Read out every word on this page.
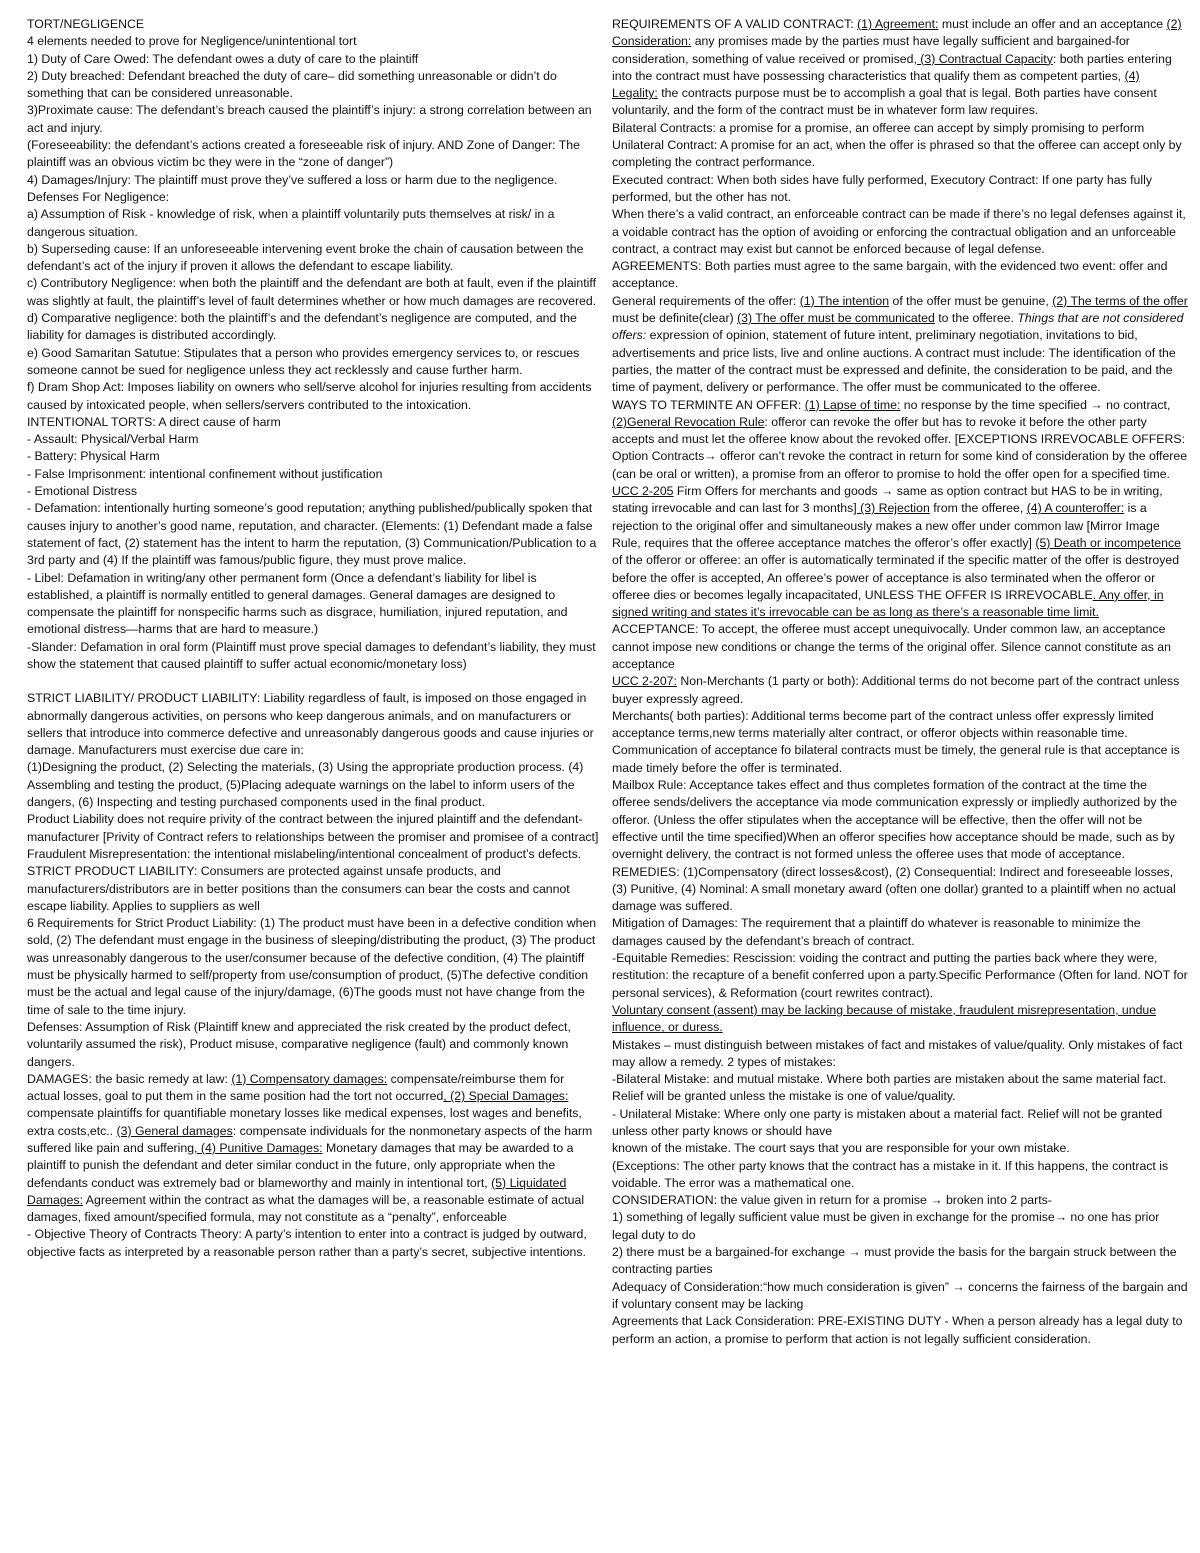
TORT/NEGLIGENCE

4 elements needed to prove for Negligence/unintentional tort

1) Duty of Care Owed: The defendant owes a duty of care to the plaintiff

2) Duty breached: Defendant breached the duty of care– did something unreasonable or didn’t do something that can be considered unreasonable.

3)Proximate cause: The defendant’s breach caused the plaintiff’s injury: a strong correlation between an act and injury.

(Foreseeability: the defendant’s actions created a foreseeable risk of injury. AND Zone of Danger: The plaintiff was an obvious victim bc they were in the “zone of danger”)

4) Damages/Injury: The plaintiff must prove they’ve suffered a loss or harm due to the negligence.

Defenses For Negligence:

a) Assumption of Risk - knowledge of risk, when a plaintiff voluntarily puts themselves at risk/ in a dangerous situation.

b) Superseding cause: If an unforeseeable intervening event broke the chain of causation between the defendant’s act of the injury if proven it allows the defendant to escape liability.

c) Contributory Negligence: when both the plaintiff and the defendant are both at fault, even if the plaintiff was slightly at fault, the plaintiff’s level of fault determines whether or how much damages are recovered.

d) Comparative negligence: both the plaintiff’s and the defendant’s negligence are computed, and the liability for damages is distributed accordingly.

e) Good Samaritan Satutue: Stipulates that a person who provides emergency services to, or rescues someone cannot be sued for negligence unless they act recklessly and cause further harm.

f) Dram Shop Act: Imposes liability on owners who sell/serve alcohol for injuries resulting from accidents caused by intoxicated people, when sellers/servers contributed to the intoxication.

INTENTIONAL TORTS: A direct cause of harm

- Assault: Physical/Verbal Harm

- Battery: Physical Harm

- False Imprisonment: intentional confinement without justification

- Emotional Distress

- Defamation: intentionally hurting someone’s good reputation; anything published/publically spoken that causes injury to another’s good name, reputation, and character. (Elements: (1) Defendant made a false statement of fact, (2) statement has the intent to harm the reputation, (3) Communication/Publication to a 3rd party and (4) If the plaintiff was famous/public figure, they must prove malice.

- Libel: Defamation in writing/any other permanent form (Once a defendant’s liability for libel is established, a plaintiff is normally entitled to general damages. General damages are designed to compensate the plaintiff for nonspecific harms such as disgrace, humiliation, injured reputation, and emotional distress—harms that are hard to measure.)

-Slander: Defamation in oral form (Plaintiff must prove special damages to defendant’s liability, they must show the statement that caused plaintiff to suffer actual economic/monetary loss)

STRICT LIABILITY/ PRODUCT LIABILITY: Liability regardless of fault, is imposed on those engaged in abnormally dangerous activities, on persons who keep dangerous animals, and on manufacturers or sellers that introduce into commerce defective and unreasonably dangerous goods and cause injuries or damage. Manufacturers must exercise due care in:

(1)Designing the product, (2) Selecting the materials, (3) Using the appropriate production process. (4) Assembling and testing the product, (5)Placing adequate warnings on the label to inform users of the dangers, (6) Inspecting and testing purchased components used in the final product.

Product Liability does not require privity of the contract between the injured plaintiff and the defendant-manufacturer [Privity of Contract refers to relationships between the promiser and promisee of a contract]

Fraudulent Misrepresentation: the intentional mislabeling/intentional concealment of product’s defects.

STRICT PRODUCT LIABILITY: Consumers are protected against unsafe products, and manufacturers/distributors are in better positions than the consumers can bear the costs and cannot escape liability. Applies to suppliers as well

6 Requirements for Strict Product Liability: (1) The product must have been in a defective condition when sold, (2) The defendant must engage in the business of sleeping/distributing the product, (3) The product was unreasonably dangerous to the user/consumer because of the defective condition, (4) The plaintiff must be physically harmed to self/property from use/consumption of product, (5)The defective condition must be the actual and legal cause of the injury/damage, (6)The goods must not have change from the time of sale to the time injury.

Defenses: Assumption of Risk (Plaintiff knew and appreciated the risk created by the product defect, voluntarily assumed the risk), Product misuse, comparative negligence (fault) and commonly known dangers.

DAMAGES: the basic remedy at law: (1) Compensatory damages: compensate/reimburse them for actual losses, goal to put them in the same position had the tort not occurred, (2) Special Damages: compensate plaintiffs for quantifiable monetary losses like medical expenses, lost wages and benefits, extra costs,etc.. (3) General damages: compensate individuals for the nonmonetary aspects of the harm suffered like pain and suffering, (4) Punitive Damages: Monetary damages that may be awarded to a plaintiff to punish the defendant and deter similar conduct in the future, only appropriate when the defendants conduct was extremely bad or blameworthy and mainly in intentional tort, (5) Liquidated Damages: Agreement within the contract as what the damages will be, a reasonable estimate of actual damages, fixed amount/specified formula, may not constitute as a “penalty”, enforceable

- Objective Theory of Contracts Theory: A party’s intention to enter into a contract is judged by outward, objective facts as interpreted by a reasonable person rather than a party’s secret, subjective intentions.

REQUIREMENTS OF A VALID CONTRACT: (1) Agreement: must include an offer and an acceptance (2) Consideration: any promises made by the parties must have legally sufficient and bargained-for consideration, something of value received or promised, (3) Contractual Capacity: both parties entering into the contract must have possessing characteristics that qualify them as competent parties, (4) Legality: the contracts purpose must be to accomplish a goal that is legal. Both parties have consent voluntarily, and the form of the contract must be in whatever form law requires.

Bilateral Contracts: a promise for a promise, an offeree can accept by simply promising to perform

Unilateral Contract: A promise for an act, when the offer is phrased so that the offeree can accept only by completing the contract performance.

Executed contract: When both sides have fully performed, Executory Contract: If one party has fully performed, but the other has not.

When there’s a valid contract, an enforceable contract can be made if there’s no legal defenses against it, a voidable contract has the option of avoiding or enforcing the contractual obligation and an unforceable contract, a contract may exist but cannot be enforced because of legal defense.

AGREEMENTS: Both parties must agree to the same bargain, with the evidenced two event: offer and acceptance.

General requirements of the offer: (1) The intention of the offer must be genuine, (2) The terms of the offer must be definite(clear) (3) The offer must be communicated to the offeree. Things that are not considered offers: expression of opinion, statement of future intent, preliminary negotiation, invitations to bid, advertisements and price lists, live and online auctions. A contract must include: The identification of the parties, the matter of the contract must be expressed and definite, the consideration to be paid, and the time of payment, delivery or performance. The offer must be communicated to the offeree.

WAYS TO TERMINTE AN OFFER: (1) Lapse of time: no response by the time specified → no contract, (2)General Revocation Rule: offeror can revoke the offer but has to revoke it before the other party accepts and must let the offeree know about the revoked offer. [EXCEPTIONS IRREVOCABLE OFFERS: Option Contracts→ offeror can’t revoke the contract in return for some kind of consideration by the offeree (can be oral or written), a promise from an offeror to promise to hold the offer open for a specified time. UCC 2-205 Firm Offers for merchants and goods → same as option contract but HAS to be in writing, stating irrevocable and can last for 3 months] (3) Rejection from the offeree, (4) A counteroffer: is a rejection to the original offer and simultaneously makes a new offer under common law [Mirror Image Rule, requires that the offeree acceptance matches the offeror’s offer exactly] (5) Death or incompetence of the offeror or offeree: an offer is automatically terminated if the specific matter of the offer is destroyed before the offer is accepted, An offeree’s power of acceptance is also terminated when the offeror or offeree dies or becomes legally incapacitated, UNLESS THE OFFER IS IRREVOCABLE. Any offer, in signed writing and states it’s irrevocable can be as long as there’s a reasonable time limit.

ACCEPTANCE: To accept, the offeree must accept unequivocally. Under common law, an acceptance cannot impose new conditions or change the terms of the original offer. Silence cannot constitute as an acceptance

UCC 2-207: Non-Merchants (1 party or both): Additional terms do not become part of the contract unless buyer expressly agreed.

Merchants( both parties): Additional terms become part of the contract unless offer expressly limited acceptance terms,new terms materially alter contract, or offeror objects within reasonable time. Communication of acceptance fo bilateral contracts must be timely, the general rule is that acceptance is made timely before the offer is terminated.

Mailbox Rule: Acceptance takes effect and thus completes formation of the contract at the time the offeree sends/delivers the acceptance via mode communication expressly or impliedly authorized by the offeror. (Unless the offer stipulates when the acceptance will be effective, then the offer will not be effective until the time specified)When an offeror specifies how acceptance should be made, such as by overnight delivery, the contract is not formed unless the offeree uses that mode of acceptance.

REMEDIES: (1)Compensatory (direct losses&cost), (2) Consequential: Indirect and foreseeable losses, (3) Punitive, (4) Nominal: A small monetary award (often one dollar) granted to a plaintiff when no actual damage was suffered.

Mitigation of Damages: The requirement that a plaintiff do whatever is reasonable to minimize the damages caused by the defendant’s breach of contract.

-Equitable Remedies: Rescission: voiding the contract and putting the parties back where they were, restitution: the recapture of a benefit conferred upon a party.Specific Performance (Often for land. NOT for personal services), & Reformation (court rewrites contract).

Voluntary consent (assent) may be lacking because of mistake, fraudulent misrepresentation, undue influence, or duress.

Mistakes – must distinguish between mistakes of fact and mistakes of value/quality. Only mistakes of fact may allow a remedy. 2 types of mistakes:

-Bilateral Mistake: and mutual mistake. Where both parties are mistaken about the same material fact. Relief will be granted unless the mistake is one of value/quality.

- Unilateral Mistake: Where only one party is mistaken about a material fact. Relief will not be granted unless other party knows or should have

known of the mistake. The court says that you are responsible for your own mistake.

(Exceptions: The other party knows that the contract has a mistake in it. If this happens, the contract is voidable. The error was a mathematical one.

CONSIDERATION: the value given in return for a promise → broken into 2 parts-

1) something of legally sufficient value must be given in exchange for the promise→ no one has prior legal duty to do

2) there must be a bargained-for exchange → must provide the basis for the bargain struck between the contracting parties

Adequacy of Consideration:“how much consideration is given” → concerns the fairness of the bargain and if voluntary consent may be lacking

Agreements that Lack Consideration: PRE-EXISTING DUTY - When a person already has a legal duty to perform an action, a promise to perform that action is not legally sufficient consideration.
